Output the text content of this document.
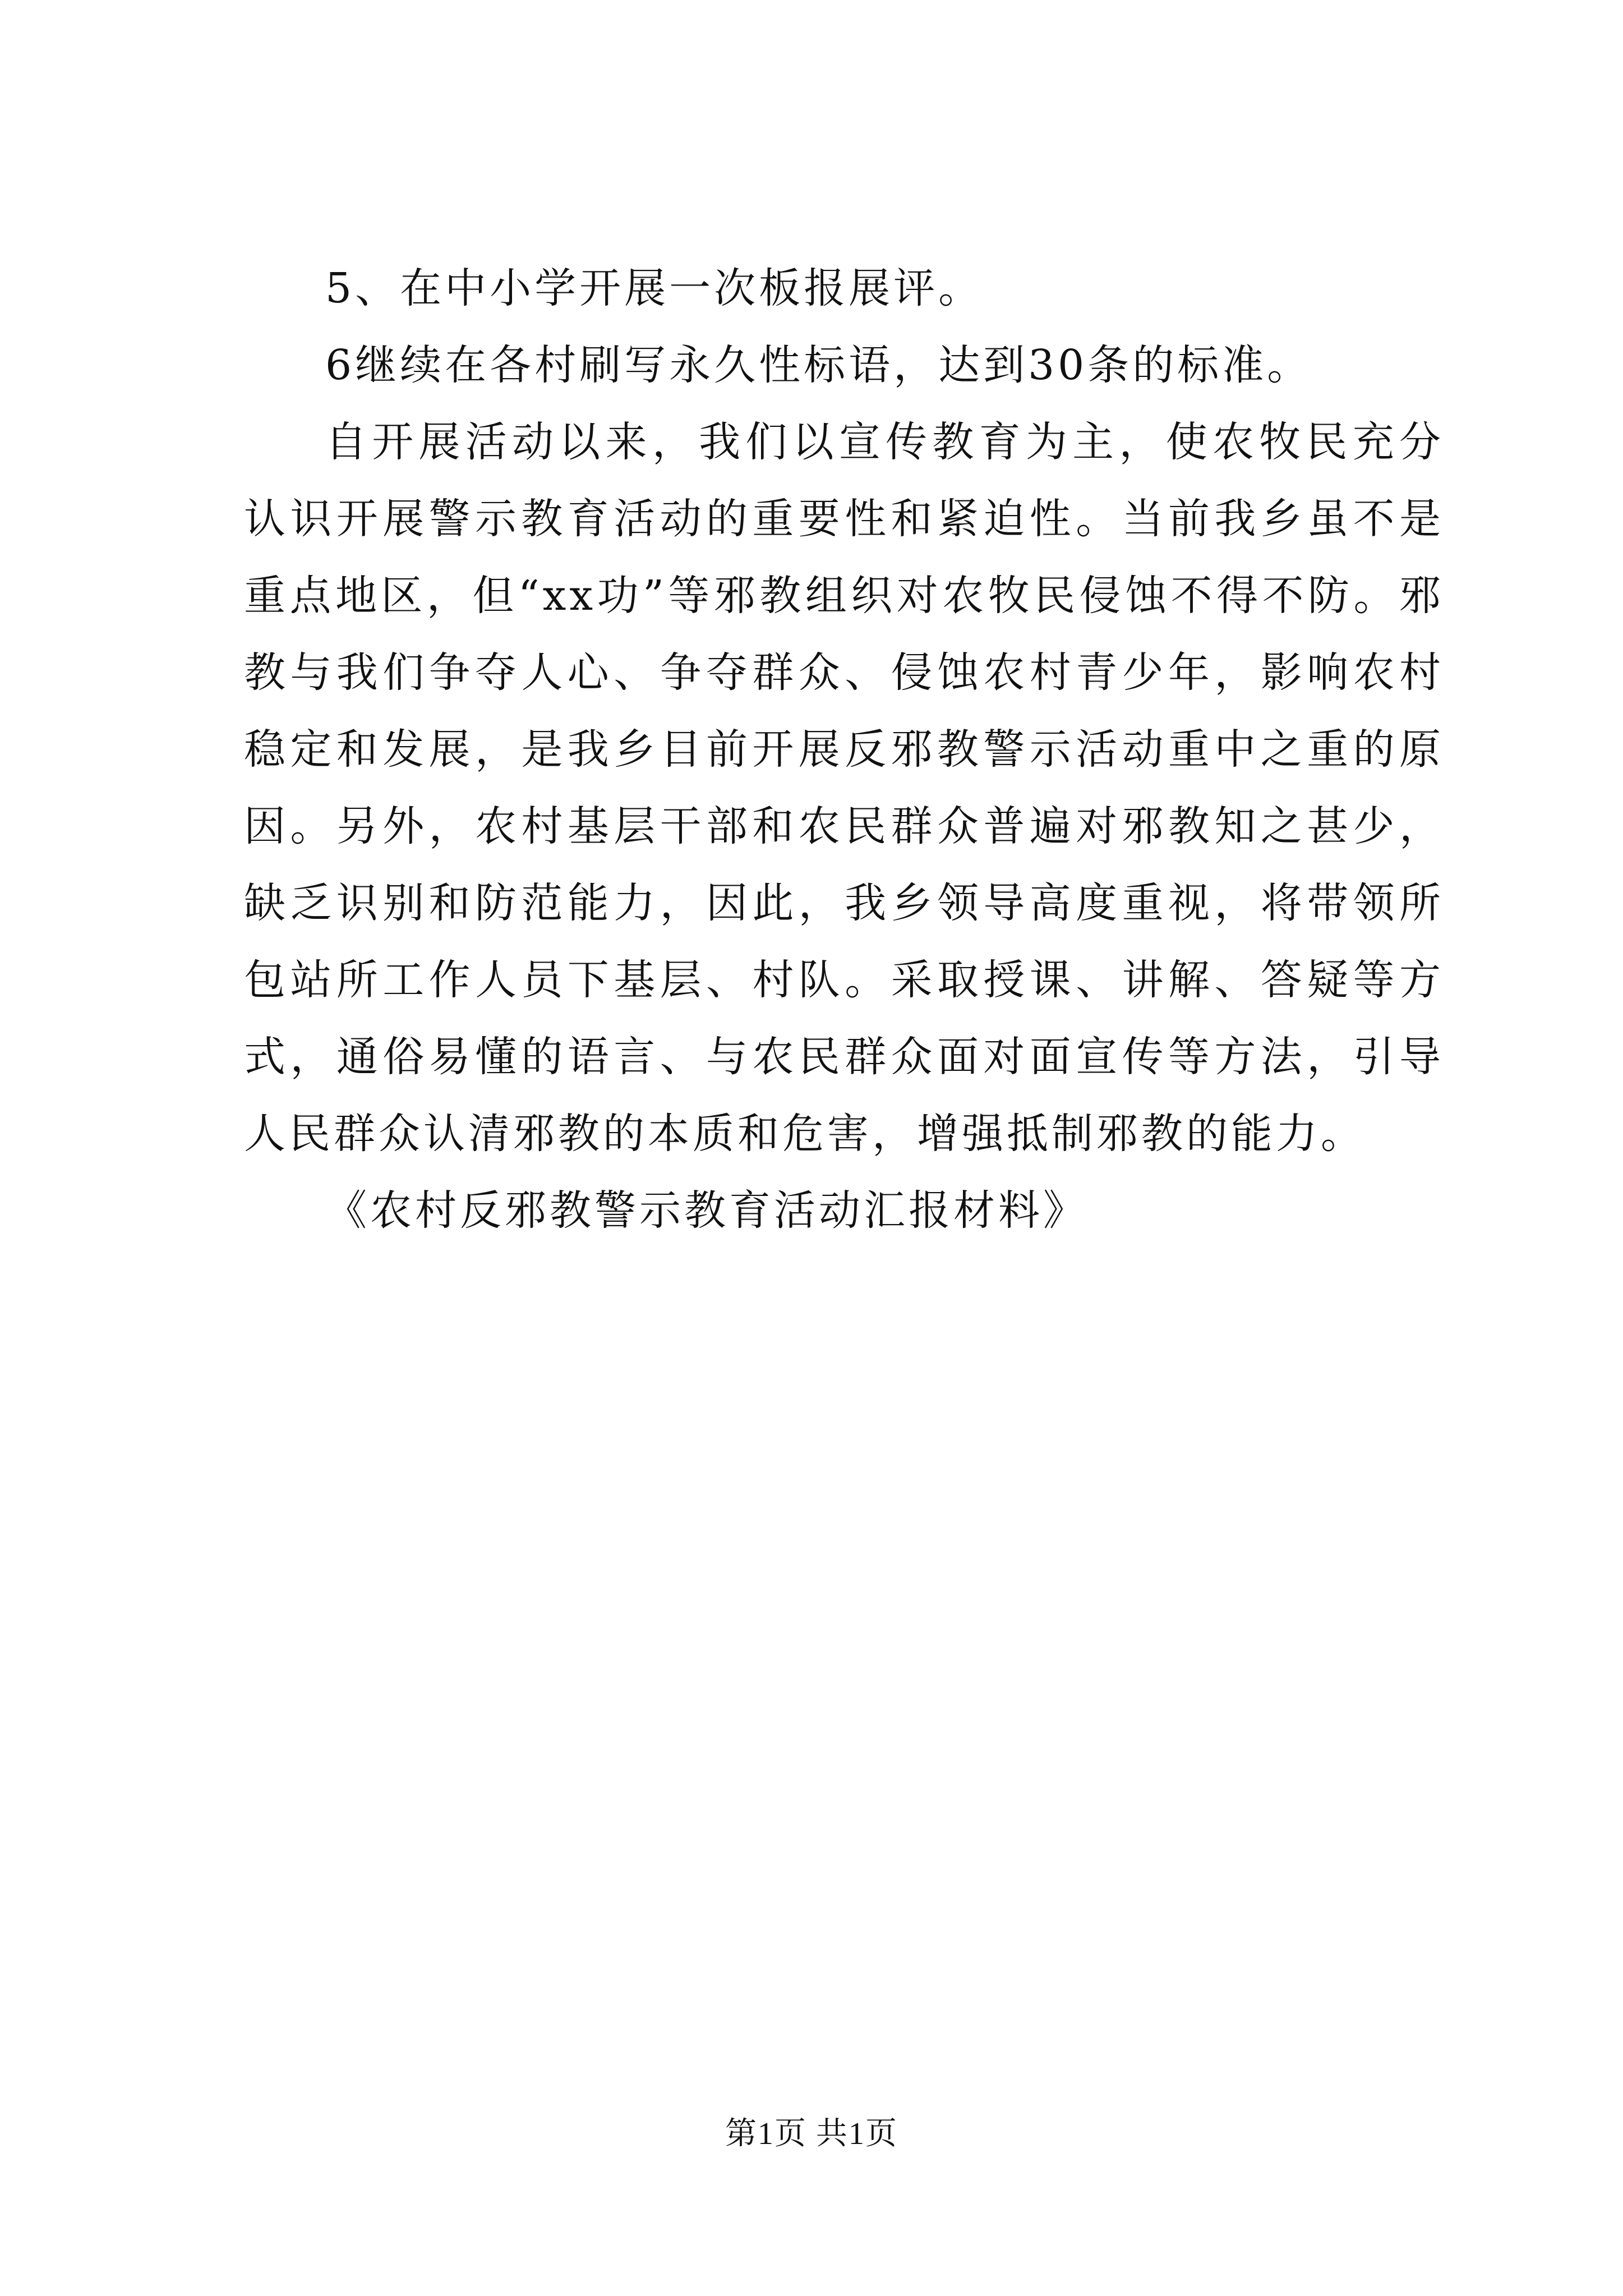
5、在中小学开展一次板报展评。

6继续在各村刷写永久性标语，达到30条的标准。

自开展活动以来，我们以宣传教育为主，使农牧民充分认识开展警示教育活动的重要性和紧迫性。当前我乡虽不是重点地区，但“xx功”等邪教组织对农牧民侵蚀不得不防。邪教与我们争夺人心、争夺群众、侵蚀农村青少年，影响农村稳定和发展，是我乡目前开展反邪教警示活动重中之重的原因。另外，农村基层干部和农民群众普遍对邪教知之甚少，缺乏识别和防范能力，因此，我乡领导高度重视，将带领所包站所工作人员下基层、村队。采取授课、讲解、答疑等方式，通俗易懂的语言、与农民群众面对面宣传等方法，引导人民群众认清邪教的本质和危害，增强抵制邪教的能力。

《农村反邪教警示教育活动汇报材料》

第1页 共1页
